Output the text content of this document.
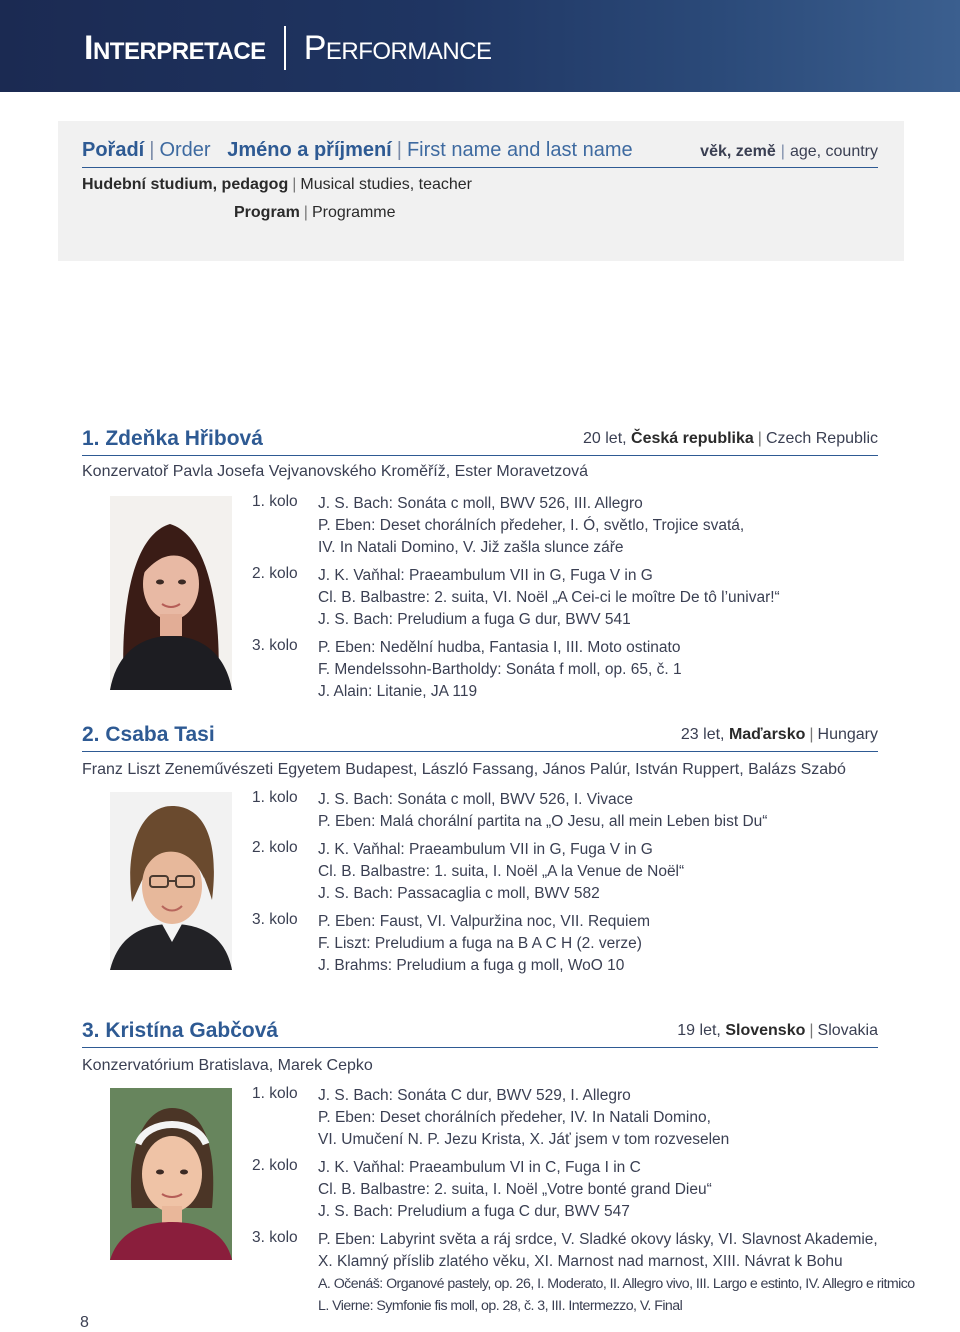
Interpretace Performance
Pořadí | Order Jméno a příjmení | First name and last name	věk, země | age, country
Hudební studium, pedagog | Musical studies, teacher
Program | Programme
1. Zdeňka Hřibová	20 let, Česká republika | Czech Republic
Konzervatoř Pavla Josefa Vejvanovského Kroměříž, Ester Moravetzová
1. kolo	J. S. Bach: Sonáta c moll, BWV 526, III. Allegro
P. Eben: Deset chorálních předeher, I. Ó, světlo, Trojice svatá,
IV. In Natali Domino, V. Již zašla slunce záře
2. kolo	J. K. Vaňhal: Praeambulum VII in G, Fuga V in G
Cl. B. Balbastre: 2. suita, VI. Noël „A Cei-ci le moître De tô l’univar!“
J. S. Bach: Preludium a fuga G dur, BWV 541
3. kolo	P. Eben: Nedělní hudba, Fantasia I, III. Moto ostinato
F. Mendelssohn-Bartholdy: Sonáta f moll, op. 65, č. 1
J. Alain: Litanie, JA 119
2. Csaba Tasi	23 let, Maďarsko | Hungary
Franz Liszt Zeneművészeti Egyetem Budapest, László Fassang, János Palúr, István Ruppert, Balázs Szabó
1. kolo	J. S. Bach: Sonáta c moll, BWV 526, I. Vivace
P. Eben: Malá chorální partita na „O Jesu, all mein Leben bist Du“
2. kolo	J. K. Vaňhal: Praeambulum VII in G, Fuga V in G
Cl. B. Balbastre: 1. suita, I. Noël „A la Venue de Noël“
J. S. Bach: Passacaglia c moll, BWV 582
3. kolo	P. Eben: Faust, VI. Valpuržina noc, VII. Requiem
F. Liszt: Preludium a fuga na B A C H (2. verze)
J. Brahms: Preludium a fuga g moll, WoO 10
3. Kristína Gabčová	19 let, Slovensko | Slovakia
Konzervatórium Bratislava, Marek Cepko
1. kolo	J. S. Bach: Sonáta C dur, BWV 529, I. Allegro
P. Eben: Deset chorálních předeher, IV. In Natali Domino,
VI. Umučení N. P. Jezu Krista, X. Jáť jsem v tom rozveselen
2. kolo	J. K. Vaňhal: Praeambulum VI in C, Fuga I in C
Cl. B. Balbastre: 2. suita, I. Noël „Votre bonté grand Dieu“
J. S. Bach: Preludium a fuga C dur, BWV 547
3. kolo	P. Eben: Labyrint světa a ráj srdce, V. Sladké okovy lásky, VI. Slavnost Akademie,
X. Klamný příslib zlatého věku, XI. Marnost nad marnost, XIII. Návrat k Bohu
A. Očenáš: Organové pastely, op. 26, I. Moderato, II. Allegro vivo, III. Largo e estinto, IV. Allegro e ritmico
L. Vierne: Symfonie fis moll, op. 28, č. 3, III. Intermezzo, V. Final
8
